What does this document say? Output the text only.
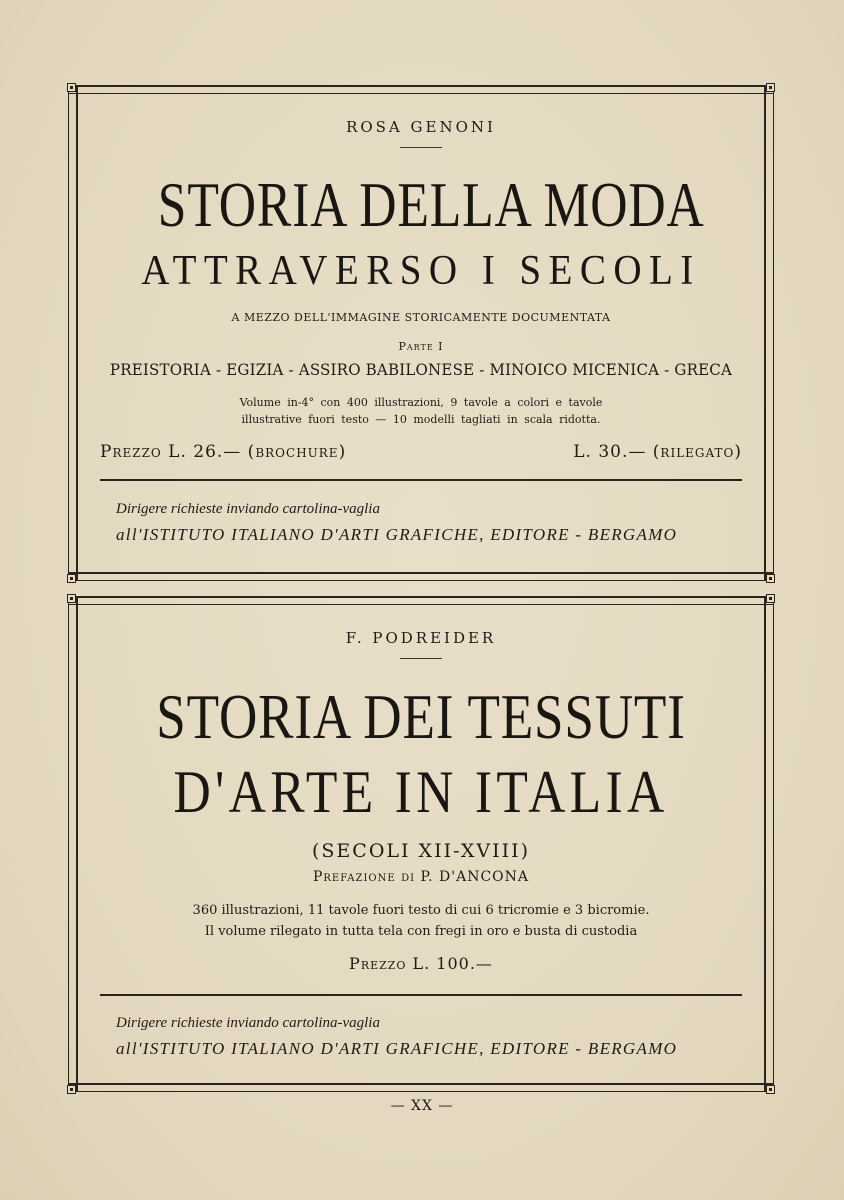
ROSA GENONI
STORIA DELLA MODA
ATTRAVERSO I SECOLI
A MEZZO DELL'IMMAGINE STORICAMENTE DOCUMENTATA
Parte I
PREISTORIA - EGIZIA - ASSIRO BABILONESE - MINOICO MICENICA - GRECA
Volume in-4° con 400 illustrazioni, 9 tavole a colori e tavole
illustrative fuori testo — 10 modelli tagliati in scala ridotta.
Prezzo L. 26.— (brochure)	L. 30.— (rilegato)
Dirigere richieste inviando cartolina-vaglia
all'ISTITUTO ITALIANO D'ARTI GRAFICHE, EDITORE - BERGAMO
F. PODREIDER
STORIA DEI TESSUTI
D'ARTE IN ITALIA
(SECOLI XII-XVIII)
Prefazione di P. D'ANCONA
360 illustrazioni, 11 tavole fuori testo di cui 6 tricromie e 3 bicromie.
Il volume rilegato in tutta tela con fregi in oro e busta di custodia
Prezzo L. 100.—
Dirigere richieste inviando cartolina-vaglia
all'ISTITUTO ITALIANO D'ARTI GRAFICHE, EDITORE - BERGAMO
— XX —
